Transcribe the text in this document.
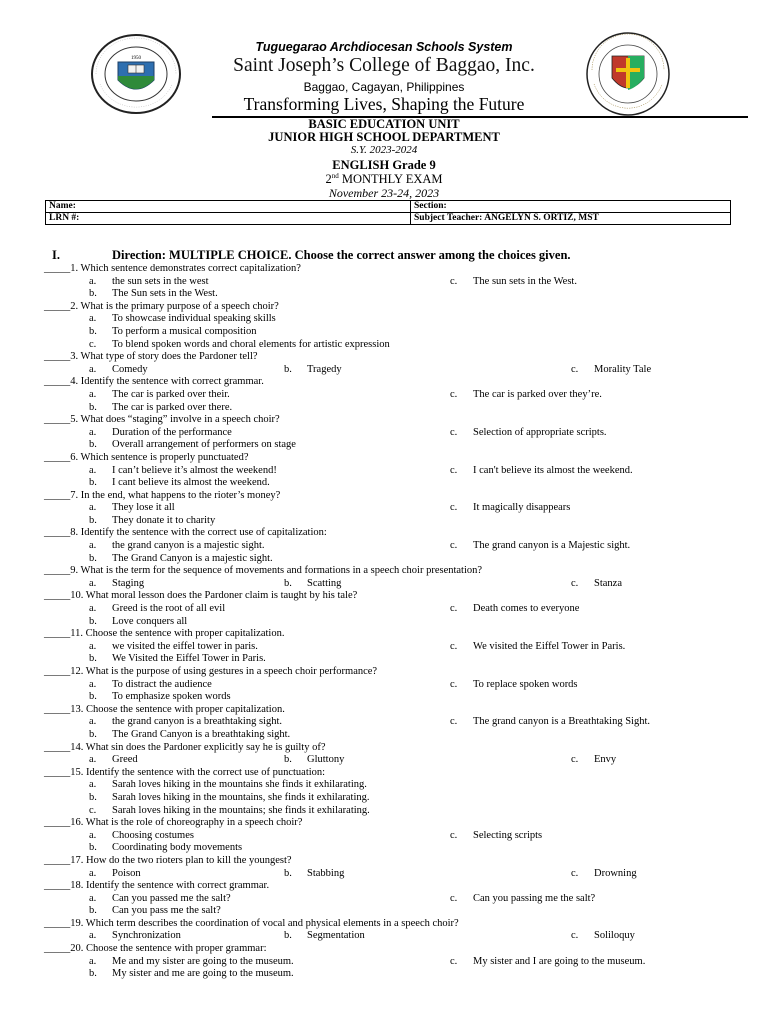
1950
Tuguegarao Archdiocesan Schools System
Saint Joseph’s College of Baggao, Inc.
Baggao, Cagayan, Philippines
Transforming Lives, Shaping the Future
BASIC EDUCATION UNIT
JUNIOR HIGH SCHOOL DEPARTMENT
S.Y. 2023-2024
ENGLISH Grade 9
2nd MONTHLY EXAM
November 23-24, 2023
Name:	Section:
LRN #:	Subject Teacher: ANGELYN S. ORTIZ, MST
I.	Direction: MULTIPLE CHOICE. Choose the correct answer among the choices given.
_____1. Which sentence demonstrates correct capitalization?
a. the sun sets in the west	c. The sun sets in the West.
b. The Sun sets in the West.
_____2. What is the primary purpose of a speech choir?
a. To showcase individual speaking skills
b. To perform a musical composition
c. To blend spoken words and choral elements for artistic expression
_____3. What type of story does the Pardoner tell?
a. Comedy	b. Tragedy	c. Morality Tale
_____4. Identify the sentence with correct grammar.
a. The car is parked over their.	c. The car is parked over they’re.
b. The car is parked over there.
_____5. What does “staging” involve in a speech choir?
a. Duration of the performance	c. Selection of appropriate scripts.
b. Overall arrangement of performers on stage
_____6. Which sentence is properly punctuated?
a. I can’t believe it’s almost the weekend!	c. I can't believe its almost the weekend.
b. I cant believe its almost the weekend.
_____7. In the end, what happens to the rioter’s money?
a. They lose it all	c. It magically disappears
b. They donate it to charity
_____8. Identify the sentence with the correct use of capitalization:
a. the grand canyon is a majestic sight.	c. The grand canyon is a Majestic sight.
b. The Grand Canyon is a majestic sight.
_____9. What is the term for the sequence of movements and formations in a speech choir presentation?
a. Staging	b. Scatting	c. Stanza
_____10. What moral lesson does the Pardoner claim is taught by his tale?
a. Greed is the root of all evil	c. Death comes to everyone
b. Love conquers all
_____11. Choose the sentence with proper capitalization.
a. we visited the eiffel tower in paris.	c. We visited the Eiffel Tower in Paris.
b. We Visited the Eiffel Tower in Paris.
_____12. What is the purpose of using gestures in a speech choir performance?
a. To distract the audience	c. To replace spoken words
b. To emphasize spoken words
_____13. Choose the sentence with proper capitalization.
a. the grand canyon is a breathtaking sight.	c. The grand canyon is a Breathtaking Sight.
b. The Grand Canyon is a breathtaking sight.
_____14. What sin does the Pardoner explicitly say he is guilty of?
a. Greed	b. Gluttony	c. Envy
_____15. Identify the sentence with the correct use of punctuation:
a. Sarah loves hiking in the mountains she finds it exhilarating.
b. Sarah loves hiking in the mountains, she finds it exhilarating.
c. Sarah loves hiking in the mountains; she finds it exhilarating.
_____16. What is the role of choreography in a speech choir?
a. Choosing costumes	c. Selecting scripts
b. Coordinating body movements
_____17. How do the two rioters plan to kill the youngest?
a. Poison	b. Stabbing	c. Drowning
_____18. Identify the sentence with correct grammar.
a. Can you passed me the salt?	c. Can you passing me the salt?
b. Can you pass me the salt?
_____19. Which term describes the coordination of vocal and physical elements in a speech choir?
a. Synchronization	b. Segmentation	c. Soliloquy
_____20. Choose the sentence with proper grammar:
a. Me and my sister are going to the museum.	c. My sister and I are going to the museum.
b. My sister and me are going to the museum.
